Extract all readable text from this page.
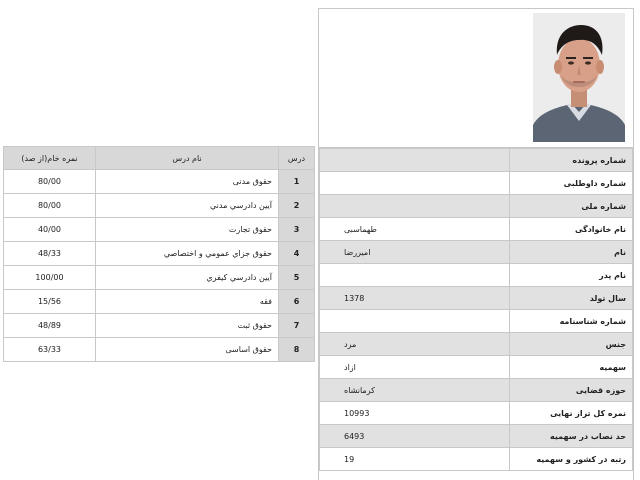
شماره پرونده	
شماره داوطلبی	
شماره ملی	
نام خانوادگی	طهماسبی
نام	امیررضا
نام پدر	
سال تولد	1378
شماره شناسنامه	
جنس	مرد
سهمیه	ازاد
حوزه قضایی	کرمانشاه
نمره کل تراز نهایی	10993
حد نصاب در سهمیه	6493
رتبه در کشور و سهمیه	19
درس	نام درس	نمره خام(از صد)
1	حقوق مدنی	80/00
2	آيين دادرسي مدني	80/00
3	حقوق تجارت	40/00
4	حقوق جزاي عمومي و اختصاصي	48/33
5	آيين دادرسي كيفري	100/00
6	فقه	15/56
7	حقوق ثبت	48/89
8	حقوق اساسی	63/33
